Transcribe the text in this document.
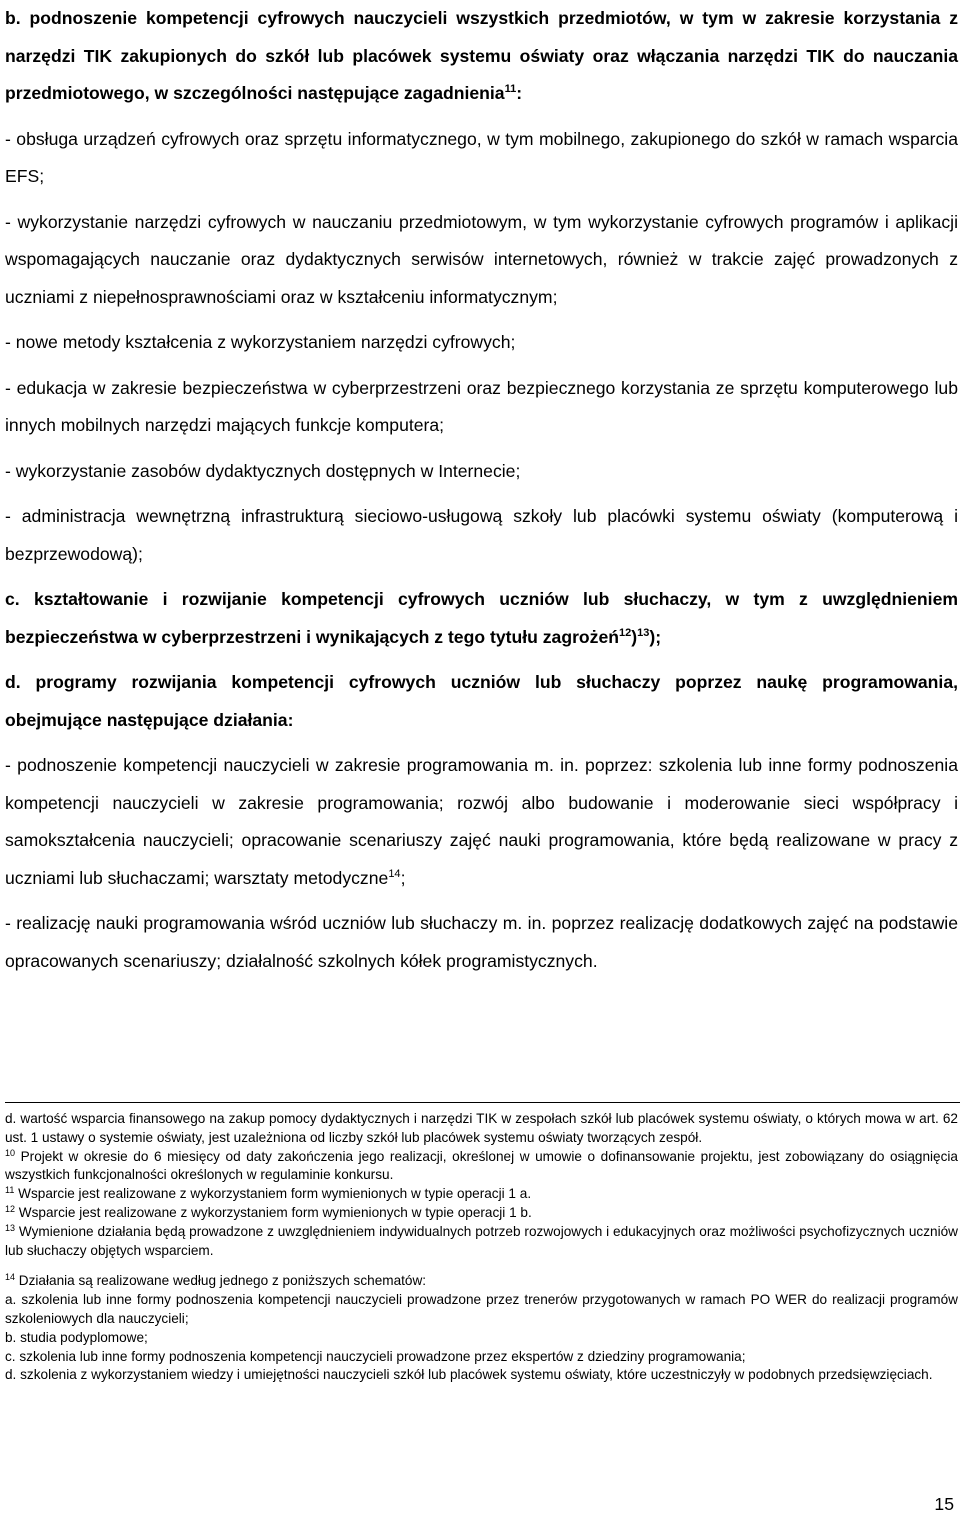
b. podnoszenie kompetencji cyfrowych nauczycieli wszystkich przedmiotów, w tym w zakresie korzystania z narzędzi TIK zakupionych do szkół lub placówek systemu oświaty oraz włączania narzędzi TIK do nauczania przedmiotowego, w szczególności następujące zagadnienia$^{11}$:

- obsługa urządzeń cyfrowych oraz sprzętu informatycznego, w tym mobilnego, zakupionego do szkół w ramach wsparcia EFS;

- wykorzystanie narzędzi cyfrowych w nauczaniu przedmiotowym, w tym wykorzystanie cyfrowych programów i aplikacji wspomagających nauczanie oraz dydaktycznych serwisów internetowych, również w trakcie zajęć prowadzonych z uczniami z niepełnosprawnościami oraz w kształceniu informatycznym;

- nowe metody kształcenia z wykorzystaniem narzędzi cyfrowych;

- edukacja w zakresie bezpieczeństwa w cyberprzestrzeni oraz bezpiecznego korzystania ze sprzętu komputerowego lub innych mobilnych narzędzi mających funkcje komputera;

- wykorzystanie zasobów dydaktycznych dostępnych w Internecie;

- administracja wewnętrzną infrastrukturą sieciowo-usługową szkoły lub placówki systemu oświaty (komputerową i bezprzewodową);

c. kształtowanie i rozwijanie kompetencji cyfrowych uczniów lub słuchaczy, w tym z uwzględnieniem bezpieczeństwa w cyberprzestrzeni i wynikających z tego tytułu zagrożeń$^{12}$)$^{13}$);

d. programy rozwijania kompetencji cyfrowych uczniów lub słuchaczy poprzez naukę programowania, obejmujące następujące działania:

- podnoszenie kompetencji nauczycieli w zakresie programowania m. in. poprzez: szkolenia lub inne formy podnoszenia kompetencji nauczycieli w zakresie programowania; rozwój albo budowanie i moderowanie sieci współpracy i samokształcenia nauczycieli; opracowanie scenariuszy zajęć nauki programowania, które będą realizowane w pracy z uczniami lub słuchaczami; warsztaty metodyczne$^{14}$;

- realizację nauki programowania wśród uczniów lub słuchaczy m. in. poprzez realizację dodatkowych zajęć na podstawie opracowanych scenariuszy; działalność szkolnych kółek programistycznych.

d. wartość wsparcia finansowego na zakup pomocy dydaktycznych i narzędzi TIK w zespołach szkół lub placówek systemu oświaty, o których mowa w art. 62 ust. 1 ustawy o systemie oświaty, jest uzależniona od liczby szkół lub placówek systemu oświaty tworzących zespół.

$^{10}$ Projekt w okresie do 6 miesięcy od daty zakończenia jego realizacji, określonej w umowie o dofinansowanie projektu, jest zobowiązany do osiągnięcia wszystkich funkcjonalności określonych w regulaminie konkursu.

$^{11}$ Wsparcie jest realizowane z wykorzystaniem form wymienionych w typie operacji 1 a.

$^{12}$ Wsparcie jest realizowane z wykorzystaniem form wymienionych w typie operacji 1 b.

$^{13}$ Wymienione działania będą prowadzone z uwzględnieniem indywidualnych potrzeb rozwojowych i edukacyjnych oraz możliwości psychofizycznych uczniów lub słuchaczy objętych wsparciem.

$^{14}$ Działania są realizowane według jednego z poniższych schematów:

a. szkolenia lub inne formy podnoszenia kompetencji nauczycieli prowadzone przez trenerów przygotowanych w ramach PO WER do realizacji programów szkoleniowych dla nauczycieli;

b. studia podyplomowe;

c. szkolenia lub inne formy podnoszenia kompetencji nauczycieli prowadzone przez ekspertów z dziedziny programowania;

d. szkolenia z wykorzystaniem wiedzy i umiejętności nauczycieli szkół lub placówek systemu oświaty, które uczestniczyły w podobnych przedsięwzięciach.

15
